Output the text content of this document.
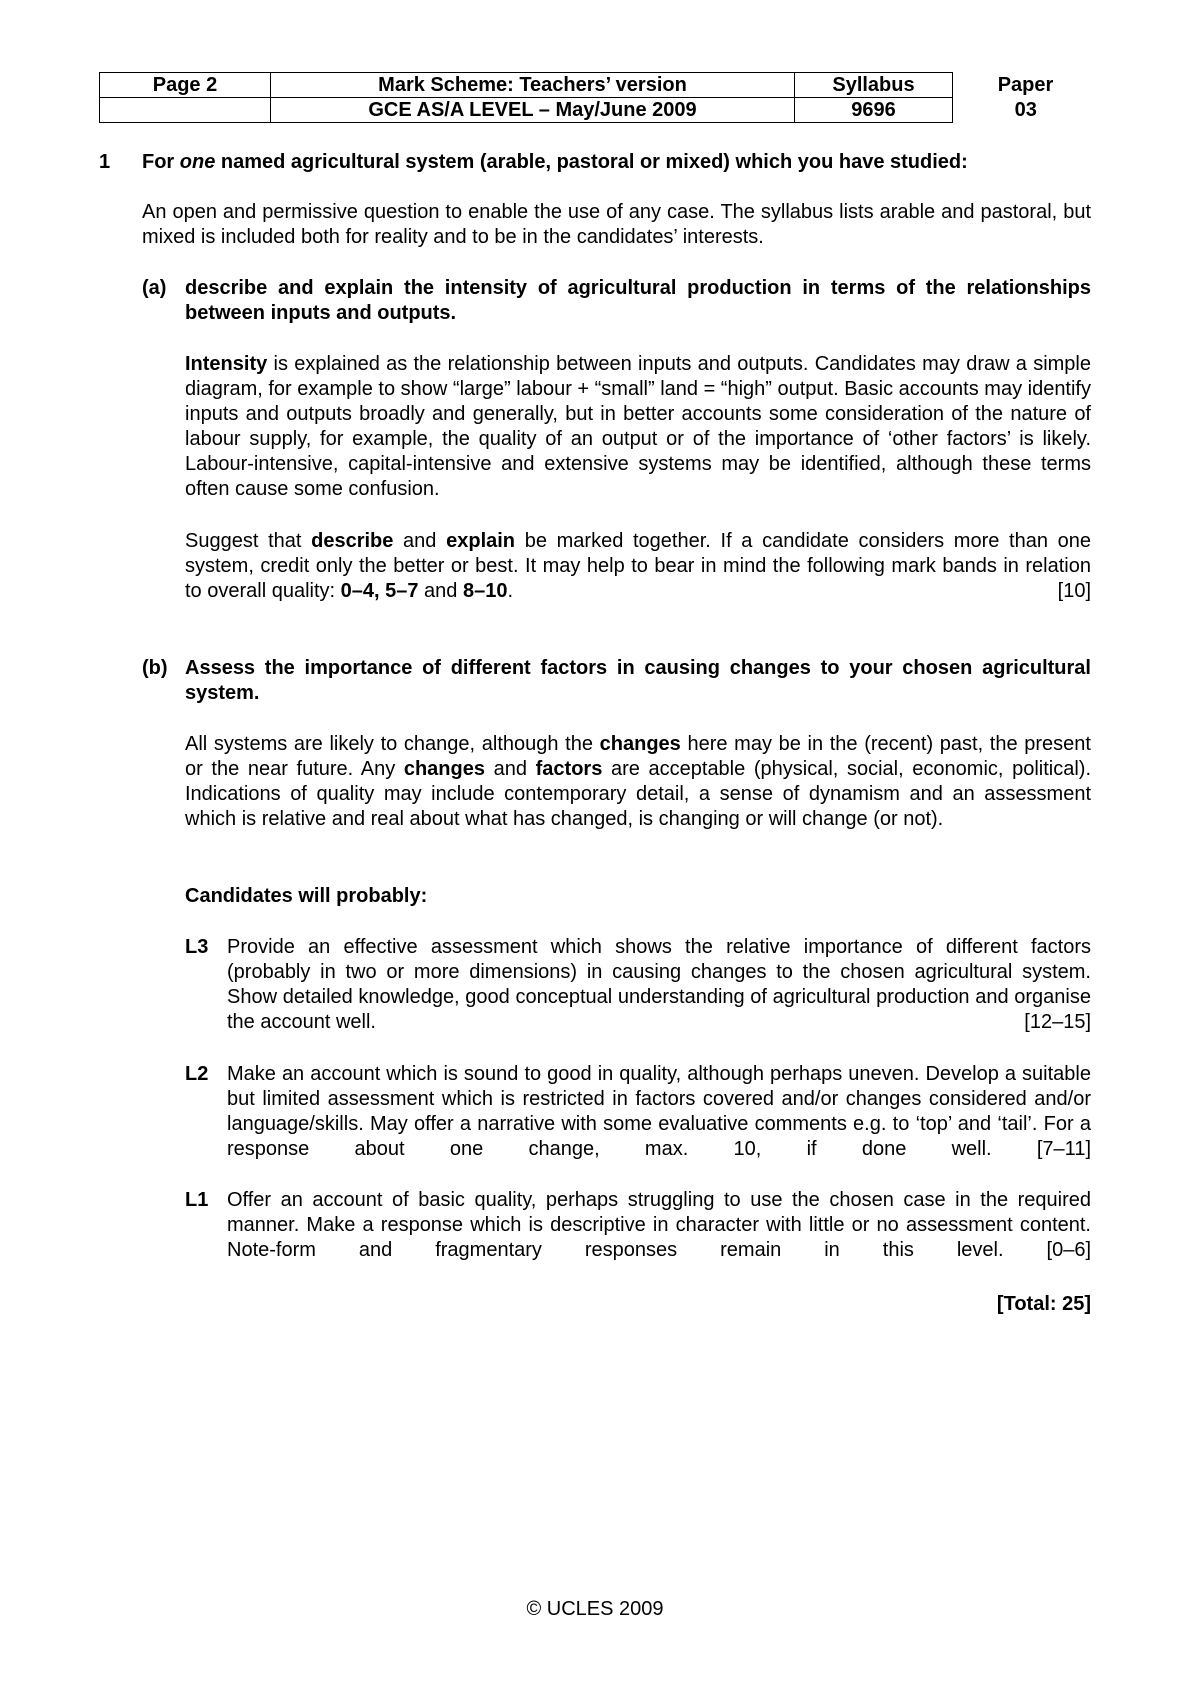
Page 2	Mark Scheme: Teachers’ version	Syllabus	Paper
	GCE AS/A LEVEL – May/June 2009	9696	03
1 For one named agricultural system (arable, pastoral or mixed) which you have studied:
An open and permissive question to enable the use of any case. The syllabus lists arable and pastoral, but mixed is included both for reality and to be in the candidates’ interests.
(a) describe and explain the intensity of agricultural production in terms of the relationships between inputs and outputs.
Intensity is explained as the relationship between inputs and outputs. Candidates may draw a simple diagram, for example to show “large” labour + “small” land = “high” output. Basic accounts may identify inputs and outputs broadly and generally, but in better accounts some consideration of the nature of labour supply, for example, the quality of an output or of the importance of ‘other factors’ is likely. Labour-intensive, capital-intensive and extensive systems may be identified, although these terms often cause some confusion.
Suggest that describe and explain be marked together. If a candidate considers more than one system, credit only the better or best. It may help to bear in mind the following mark bands in relation to overall quality: 0–4, 5–7 and 8–10.	[10]
(b) Assess the importance of different factors in causing changes to your chosen agricultural system.
All systems are likely to change, although the changes here may be in the (recent) past, the present or the near future. Any changes and factors are acceptable (physical, social, economic, political). Indications of quality may include contemporary detail, a sense of dynamism and an assessment which is relative and real about what has changed, is changing or will change (or not).
Candidates will probably:
L3 Provide an effective assessment which shows the relative importance of different factors (probably in two or more dimensions) in causing changes to the chosen agricultural system. Show detailed knowledge, good conceptual understanding of agricultural production and organise the account well.	[12–15]
L2 Make an account which is sound to good in quality, although perhaps uneven. Develop a suitable but limited assessment which is restricted in factors covered and/or changes considered and/or language/skills. May offer a narrative with some evaluative comments e.g. to ‘top’ and ‘tail’. For a response about one change, max. 10, if done well. [7–11]
L1 Offer an account of basic quality, perhaps struggling to use the chosen case in the required manner. Make a response which is descriptive in character with little or no assessment content. Note-form and fragmentary responses remain in this level. [0–6]
[Total: 25]
© UCLES 2009
